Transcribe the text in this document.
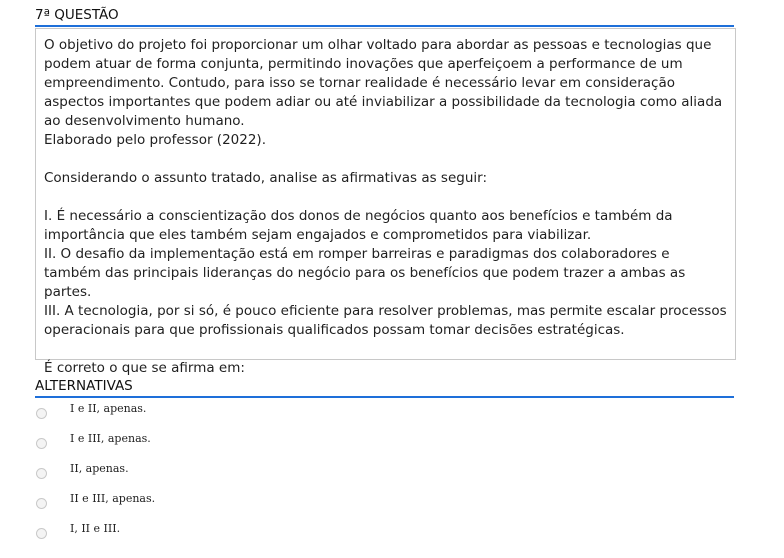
7ª QUESTÃO

O objetivo do projeto foi proporcionar um olhar voltado para abordar as pessoas e tecnologias que podem atuar de forma conjunta, permitindo inovações que aperfeiçoem a performance de um empreendimento. Contudo, para isso se tornar realidade é necessário levar em consideração aspectos importantes que podem adiar ou até inviabilizar a possibilidade da tecnologia como aliada ao desenvolvimento humano.

Elaborado pelo professor (2022).

Considerando o assunto tratado, analise as afirmativas as seguir:

I. É necessário a conscientização dos donos de negócios quanto aos benefícios e também da importância que eles também sejam engajados e comprometidos para viabilizar.

II. O desafio da implementação está em romper barreiras e paradigmas dos colaboradores e também das principais lideranças do negócio para os benefícios que podem trazer a ambas as partes.

III. A tecnologia, por si só, é pouco eficiente para resolver problemas, mas permite escalar processos operacionais para que profissionais qualificados possam tomar decisões estratégicas.

É correto o que se afirma em:

ALTERNATIVAS
I e II, apenas.
I e III, apenas.
II, apenas.
II e III, apenas.
I, II e III.
